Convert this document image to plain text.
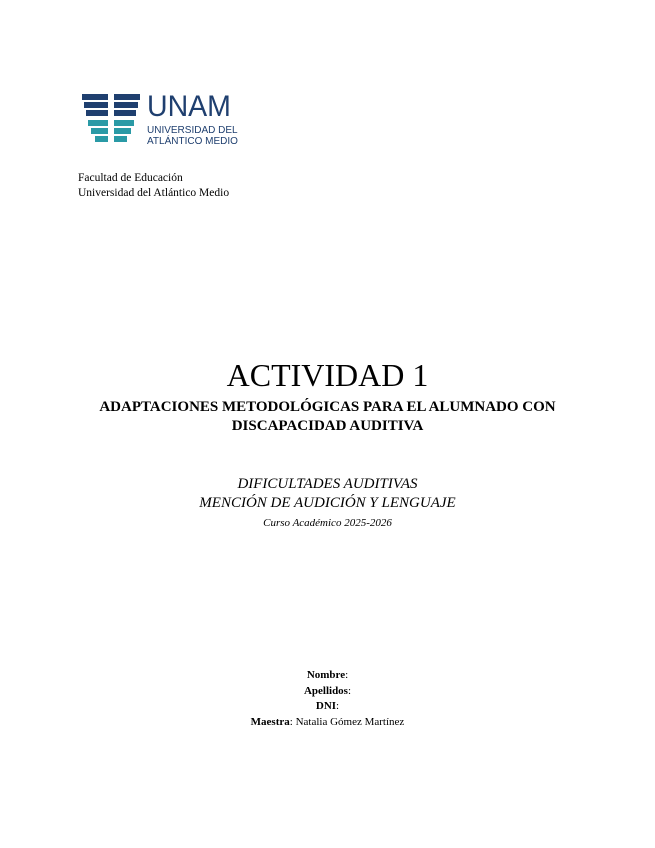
UNAM
UNIVERSIDAD DEL
ATLÁNTICO MEDIO
Facultad de Educación
Universidad del Atlántico Medio
ACTIVIDAD 1
ADAPTACIONES METODOLÓGICAS PARA EL ALUMNADO CON DISCAPACIDAD AUDITIVA
DIFICULTADES AUDITIVAS
MENCIÓN DE AUDICIÓN Y LENGUAJE
Curso Académico 2025-2026
Nombre:
Apellidos:
DNI:
Maestra: Natalia Gómez Martínez
